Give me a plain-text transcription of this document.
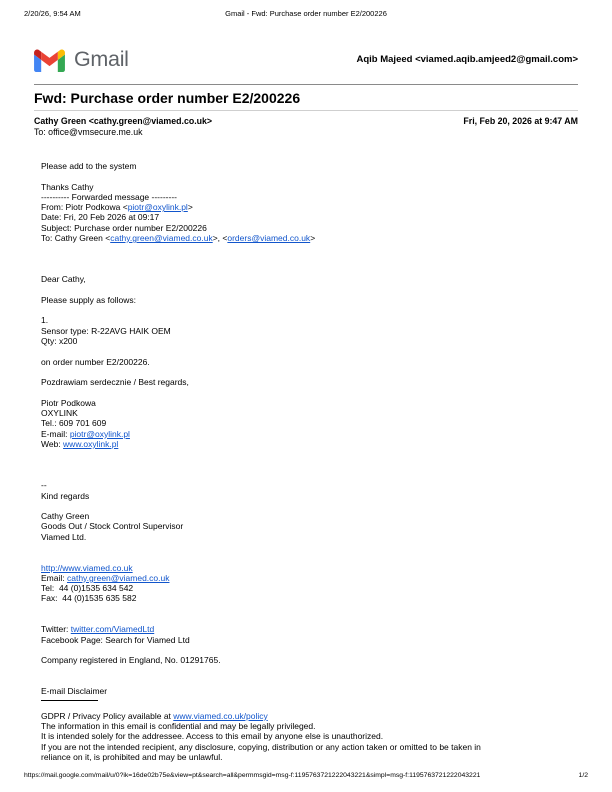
2/20/26, 9:54 AM	Gmail - Fwd: Purchase order number E2/200226
Gmail	Aqib Majeed <viamed.aqib.amjeed2@gmail.com>
Fwd: Purchase order number E2/200226
Cathy Green <cathy.green@viamed.co.uk>
To: office@vmsecure.me.uk
Fri, Feb 20, 2026 at 9:47 AM
Please add to the system

Thanks Cathy
---------- Forwarded message ---------
From: Piotr Podkowa <piotr@oxylink.pl>
Date: Fri, 20 Feb 2026 at 09:17
Subject: Purchase order number E2/200226
To: Cathy Green <cathy.green@viamed.co.uk>, <orders@viamed.co.uk>

Dear Cathy,

Please supply as follows:

1.
Sensor type: R-22AVG HAIK OEM
Qty: x200

on order number E2/200226.

Pozdrawiam serdecznie / Best regards,

Piotr Podkowa
OXYLINK
Tel.: 609 701 609
E-mail: piotr@oxylink.pl
Web: www.oxylink.pl

--
Kind regards

Cathy Green
Goods Out / Stock Control Supervisor
Viamed Ltd.

http://www.viamed.co.uk
Email: cathy.green@viamed.co.uk
Tel:  44 (0)1535 634 542
Fax:  44 (0)1535 635 582

Twitter: twitter.com/ViamedLtd
Facebook Page: Search for Viamed Ltd

Company registered in England, No. 01291765.

E-mail Disclaimer
GDPR / Privacy Policy available at www.viamed.co.uk/policy
The information in this email is confidential and may be legally privileged.
It is intended solely for the addressee. Access to this email by anyone else is unauthorized.
If you are not the intended recipient, any disclosure, copying, distribution or any action taken or omitted to be taken in
reliance on it, is prohibited and may be unlawful.
https://mail.google.com/mail/u/0?ik=16de02b75e&view=pt&search=all&permmsgid=msg-f:1195763721222043221&simpl=msg-f:1195763721222043221	1/2
